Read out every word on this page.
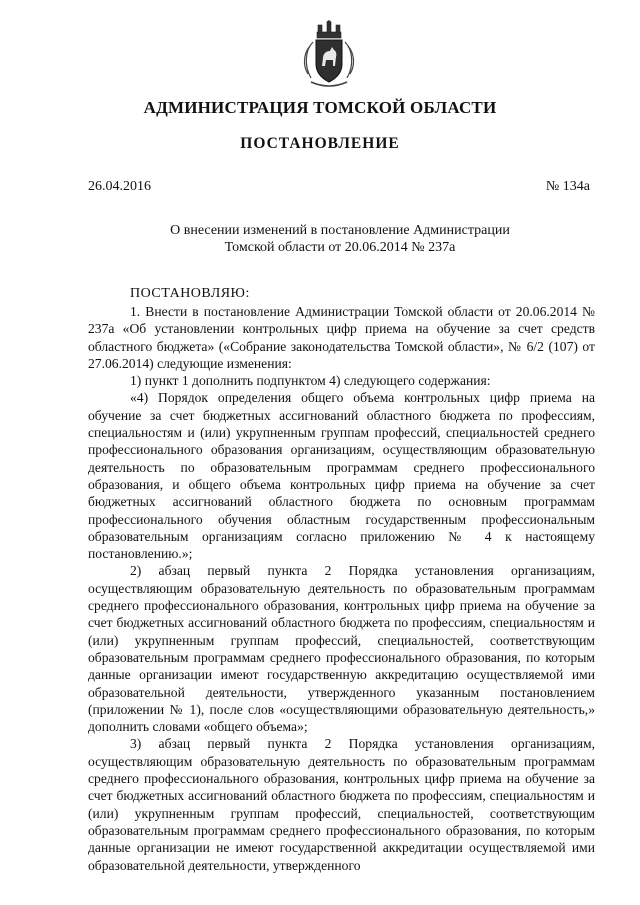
АДМИНИСТРАЦИЯ ТОМСКОЙ ОБЛАСТИ
ПОСТАНОВЛЕНИЕ
26.04.2016	№ 134а
О внесении изменений в постановление Администрации
Томской области от 20.06.2014 № 237а
ПОСТАНОВЛЯЮ:

1. Внести в постановление Администрации Томской области от 20.06.2014 № 237а «Об установлении контрольных цифр приема на обучение за счет средств областного бюджета» («Собрание законодательства Томской области», № 6/2 (107) от 27.06.2014) следующие изменения:

1) пункт 1 дополнить подпунктом 4) следующего содержания:

«4) Порядок определения общего объема контрольных цифр приема на обучение за счет бюджетных ассигнований областного бюджета по профессиям, специальностям и (или) укрупненным группам профессий, специальностей среднего профессионального образования организациям, осуществляющим образовательную деятельность по образовательным программам среднего профессионального образования, и общего объема контрольных цифр приема на обучение за счет бюджетных ассигнований областного бюджета по основным программам профессионального обучения областным государственным профессиональным образовательным организациям согласно приложению № 4 к настоящему постановлению.»;

2) абзац первый пункта 2 Порядка установления организациям, осуществляющим образовательную деятельность по образовательным программам среднего профессионального образования, контрольных цифр приема на обучение за счет бюджетных ассигнований областного бюджета по профессиям, специальностям и (или) укрупненным группам профессий, специальностей, соответствующим образовательным программам среднего профессионального образования, по которым данные организации имеют государственную аккредитацию осуществляемой ими образовательной деятельности, утвержденного указанным постановлением (приложении № 1), после слов «осуществляющими образовательную деятельность,» дополнить словами «общего объема»;

3) абзац первый пункта 2 Порядка установления организациям, осуществляющим образовательную деятельность по образовательным программам среднего профессионального образования, контрольных цифр приема на обучение за счет бюджетных ассигнований областного бюджета по профессиям, специальностям и (или) укрупненным группам профессий, специальностей, соответствующим образовательным программам среднего профессионального образования, по которым данные организации не имеют государственной аккредитации осуществляемой ими образовательной деятельности, утвержденного
